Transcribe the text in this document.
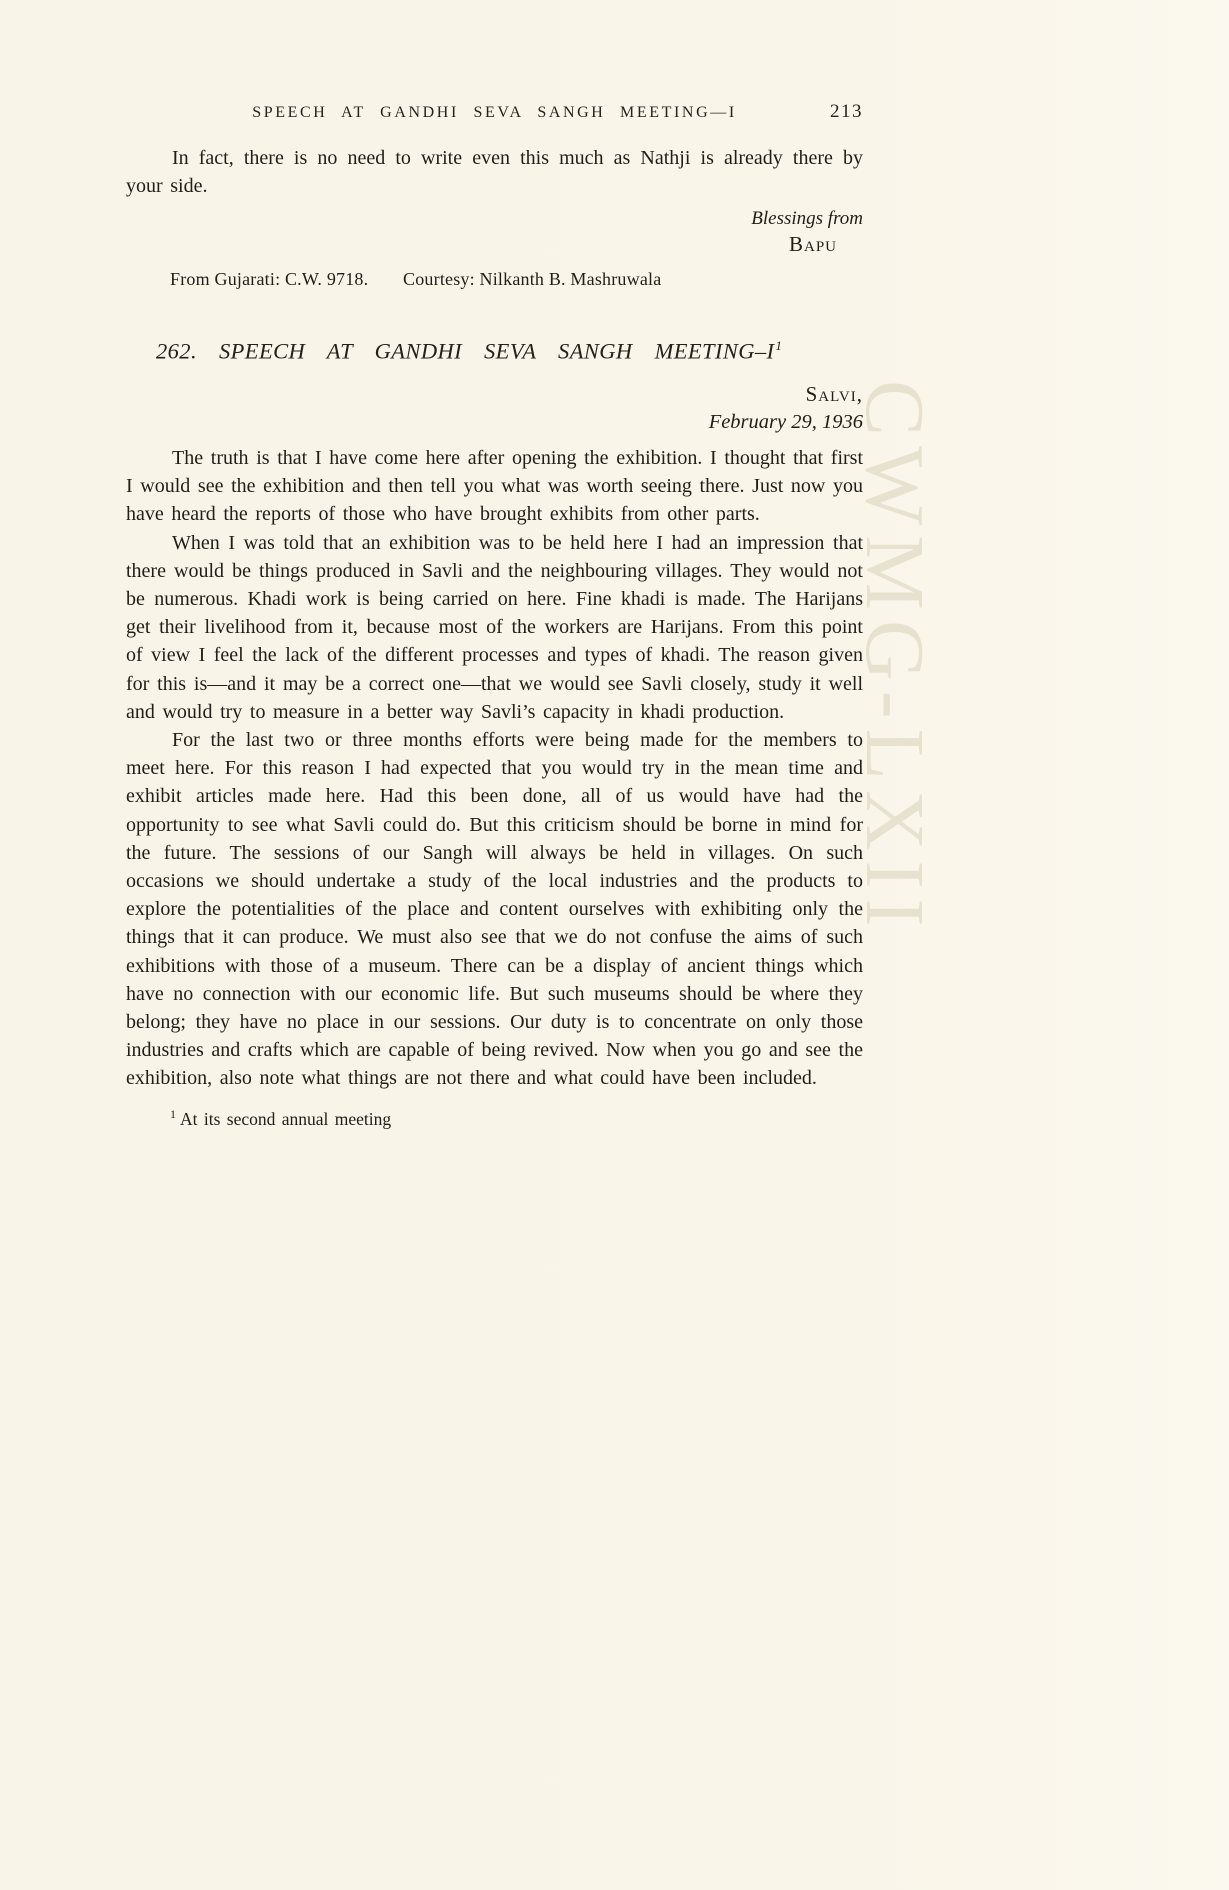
CWMG-LXII
SPEECH AT GANDHI SEVA SANGH MEETING—I	213

In fact, there is no need to write even this much as Nathji is already there by your side.

Blessings from
Bapu

From Gujarati: C.W. 9718. Courtesy: Nilkanth B. Mashruwala

262. SPEECH AT GANDHI SEVA SANGH MEETING–$I^1$
Salvi,
February 29, 1936

The truth is that I have come here after opening the exhibition. I thought that first I would see the exhibition and then tell you what was worth seeing there. Just now you have heard the reports of those who have brought exhibits from other parts.

When I was told that an exhibition was to be held here I had an impression that there would be things produced in Savli and the neighbouring villages. They would not be numerous. Khadi work is being carried on here. Fine khadi is made. The Harijans get their livelihood from it, because most of the workers are Harijans. From this point of view I feel the lack of the different processes and types of khadi. The reason given for this is—and it may be a correct one—that we would see Savli closely, study it well and would try to measure in a better way Savli’s capacity in khadi production.

For the last two or three months efforts were being made for the members to meet here. For this reason I had expected that you would try in the mean time and exhibit articles made here. Had this been done, all of us would have had the opportunity to see what Savli could do. But this criticism should be borne in mind for the future. The sessions of our Sangh will always be held in villages. On such occasions we should undertake a study of the local industries and the products to explore the potentialities of the place and content ourselves with exhibiting only the things that it can produce. We must also see that we do not confuse the aims of such exhibitions with those of a museum. There can be a display of ancient things which have no connection with our economic life. But such museums should be where they belong; they have no place in our sessions. Our duty is to concentrate on only those industries and crafts which are capable of being revived. Now when you go and see the exhibition, also note what things are not there and what could have been included.

$^1$ At its second annual meeting
